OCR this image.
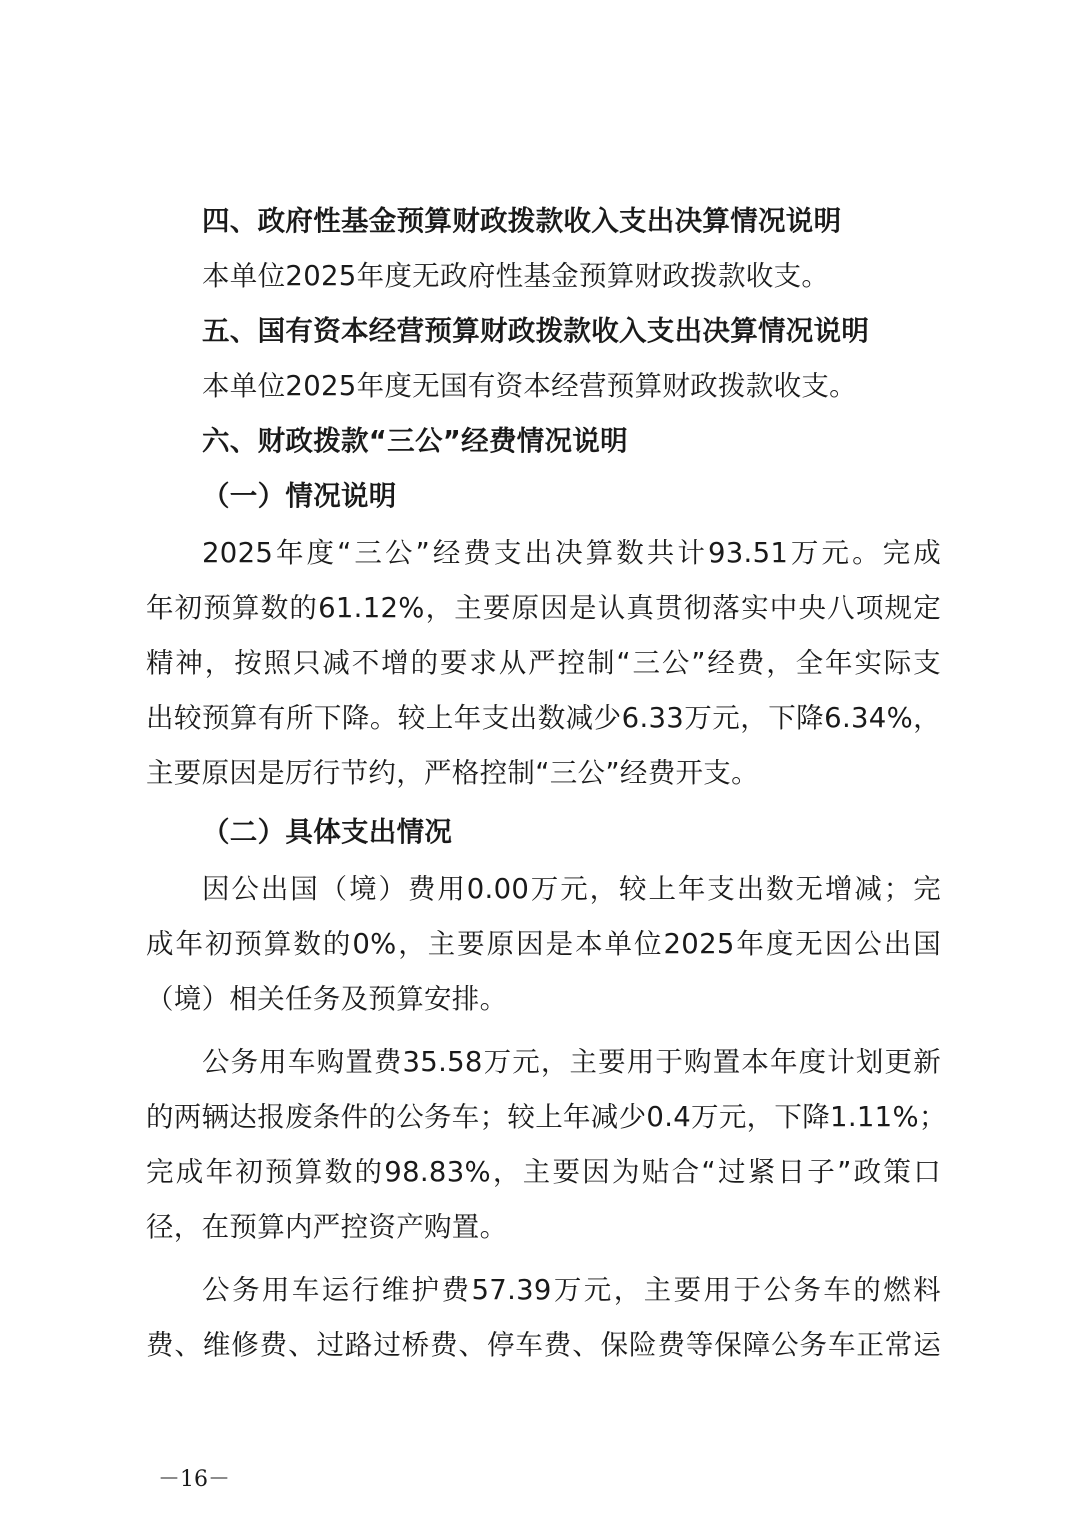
四、政府性基金预算财政拨款收入支出决算情况说明
本单位2025年度无政府性基金预算财政拨款收支。
五、国有资本经营预算财政拨款收入支出决算情况说明
本单位2025年度无国有资本经营预算财政拨款收支。
六、财政拨款“三公”经费情况说明
（一）情况说明
2025年度“三公”经费支出决算数共计93.51万元。完成
年初预算数的61.12%，主要原因是认真贯彻落实中央八项规定
精神，按照只减不增的要求从严控制“三公”经费，全年实际支
出较预算有所下降。较上年支出数减少6.33万元，下降6.34%，
主要原因是厉行节约，严格控制“三公”经费开支。
（二）具体支出情况
因公出国（境）费用0.00万元，较上年支出数无增减；完
成年初预算数的0%，主要原因是本单位2025年度无因公出国
（境）相关任务及预算安排。
公务用车购置费35.58万元，主要用于购置本年度计划更新
的两辆达报废条件的公务车；较上年减少0.4万元，下降1.11%；
完成年初预算数的98.83%，主要因为贴合“过紧日子”政策口
径，在预算内严控资产购置。
公务用车运行维护费57.39万元，主要用于公务车的燃料
费、维修费、过路过桥费、停车费、保险费等保障公务车正常运
－16－
